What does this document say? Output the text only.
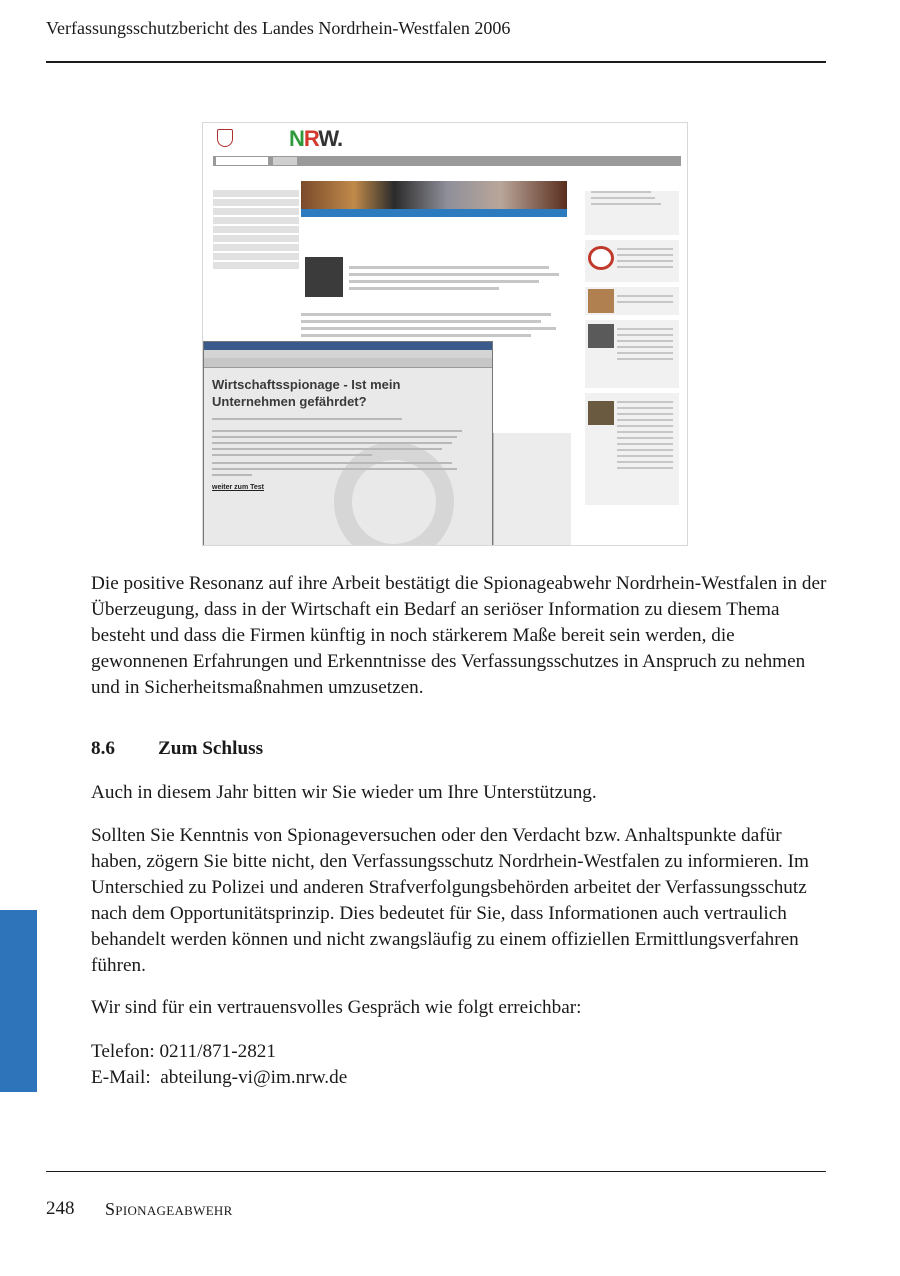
Verfassungsschutzbericht des Landes Nordrhein-Westfalen 2006
NRW.
Wirtschaftsspionage - Ist mein Unternehmen gefährdet?
weiter zum Test

Die positive Resonanz auf ihre Arbeit bestätigt die Spionageabwehr Nordrhein-Westfalen in der Überzeugung, dass in der Wirtschaft ein Bedarf an seriöser Information zu diesem Thema besteht und dass die Firmen künftig in noch stärkerem Maße bereit sein werden, die gewonnenen Erfahrungen und Erkenntnisse des Verfassungsschutzes in Anspruch zu nehmen und in Sicherheitsmaßnahmen umzusetzen.

8.6 Zum Schluss

Auch in diesem Jahr bitten wir Sie wieder um Ihre Unterstützung.

Sollten Sie Kenntnis von Spionageversuchen oder den Verdacht bzw. Anhaltspunkte dafür haben, zögern Sie bitte nicht, den Verfassungsschutz Nordrhein-Westfalen zu informieren. Im Unterschied zu Polizei und anderen Strafverfolgungsbehörden arbeitet der Verfassungsschutz nach dem Opportunitätsprinzip. Dies bedeutet für Sie, dass Informationen auch vertraulich behandelt werden können und nicht zwangsläufig zu einem offiziellen Ermittlungsverfahren führen.

Wir sind für ein vertrauensvolles Gespräch wie folgt erreichbar:

Telefon: 0211/871-2821
E-Mail:  abteilung-vi@im.nrw.de
248 Spionageabwehr
